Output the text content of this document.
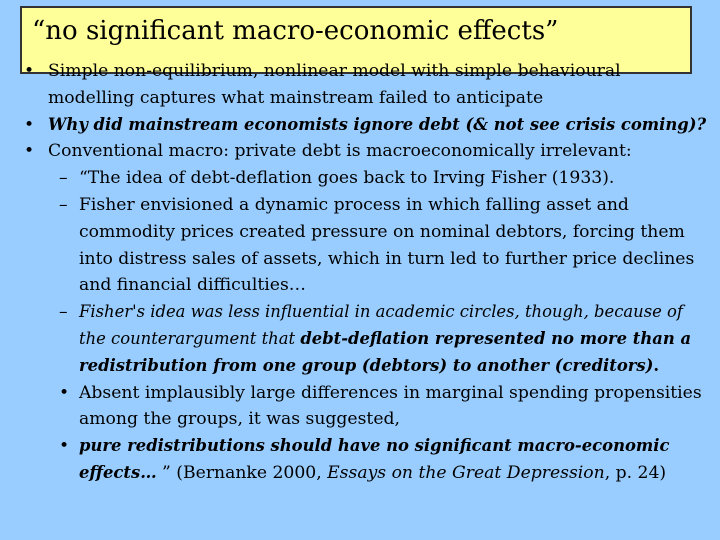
“no significant macro-economic effects”
• Simple non-equilibrium, nonlinear model with simple behavioural modelling captures what mainstream failed to anticipate

• Why did mainstream economists ignore debt (& not see crisis coming)?

• Conventional macro: private debt is macroeconomically irrelevant:

– “The idea of debt-deflation goes back to Irving Fisher (1933).

– Fisher envisioned a dynamic process in which falling asset and commodity prices created pressure on nominal debtors, forcing them into distress sales of assets, which in turn led to further price declines and financial difficulties…

– Fisher's idea was less influential in academic circles, though, because of the counterargument that debt-deflation represented no more than a redistribution from one group (debtors) to another (creditors).

• Absent implausibly large differences in marginal spending propensities among the groups, it was suggested,

• pure redistributions should have no significant macro-economic effects… ” (Bernanke 2000, Essays on the Great Depression, p. 24)
